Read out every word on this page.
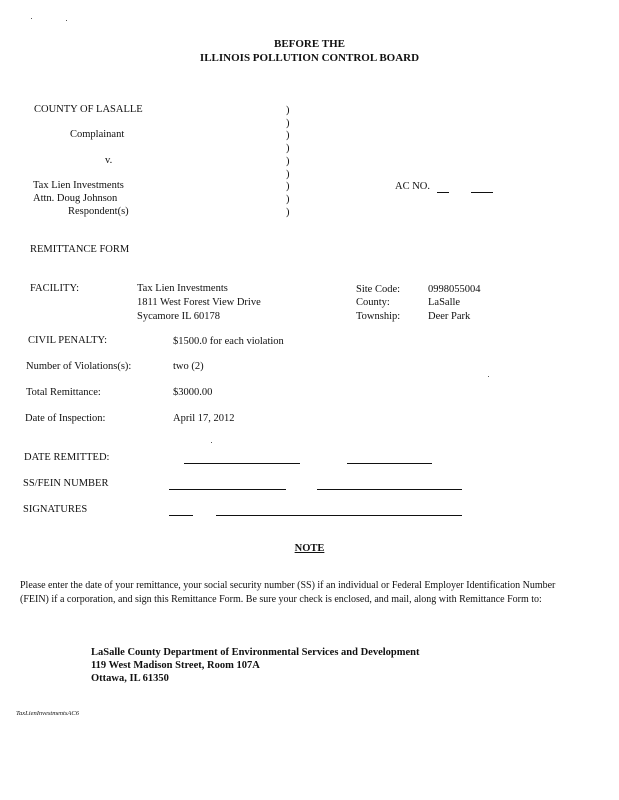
BEFORE THE
ILLINOIS POLLUTION CONTROL BOARD
COUNTY OF LASALLE
Complainant
v.
Tax Lien Investments
Attn. Doug Johnson
Respondent(s)
)
)
)
)
)
)
)
)
)
AC NO.
REMITTANCE FORM
FACILITY:	Tax Lien Investments
1811 West Forest View Drive
Sycamore IL 60178
Site Code:	0998055004
County:	LaSalle
Township:	Deer Park
CIVIL PENALTY:	$1500.0 for each violation
Number of Violations(s):	two (2)
Total Remittance:	$3000.00
Date of Inspection:	April 17, 2012
DATE REMITTED:
SS/FEIN NUMBER
SIGNATURES
NOTE
Please enter the date of your remittance, your social security number (SS) if an individual or Federal Employer Identification Number (FEIN) if a corporation, and sign this Remittance Form. Be sure your check is enclosed, and mail, along with Remittance Form to:
LaSalle County Department of Environmental Services and Development
119 West Madison Street, Room 107A
Ottawa, IL 61350
TaxLienInvestmentsAC6
